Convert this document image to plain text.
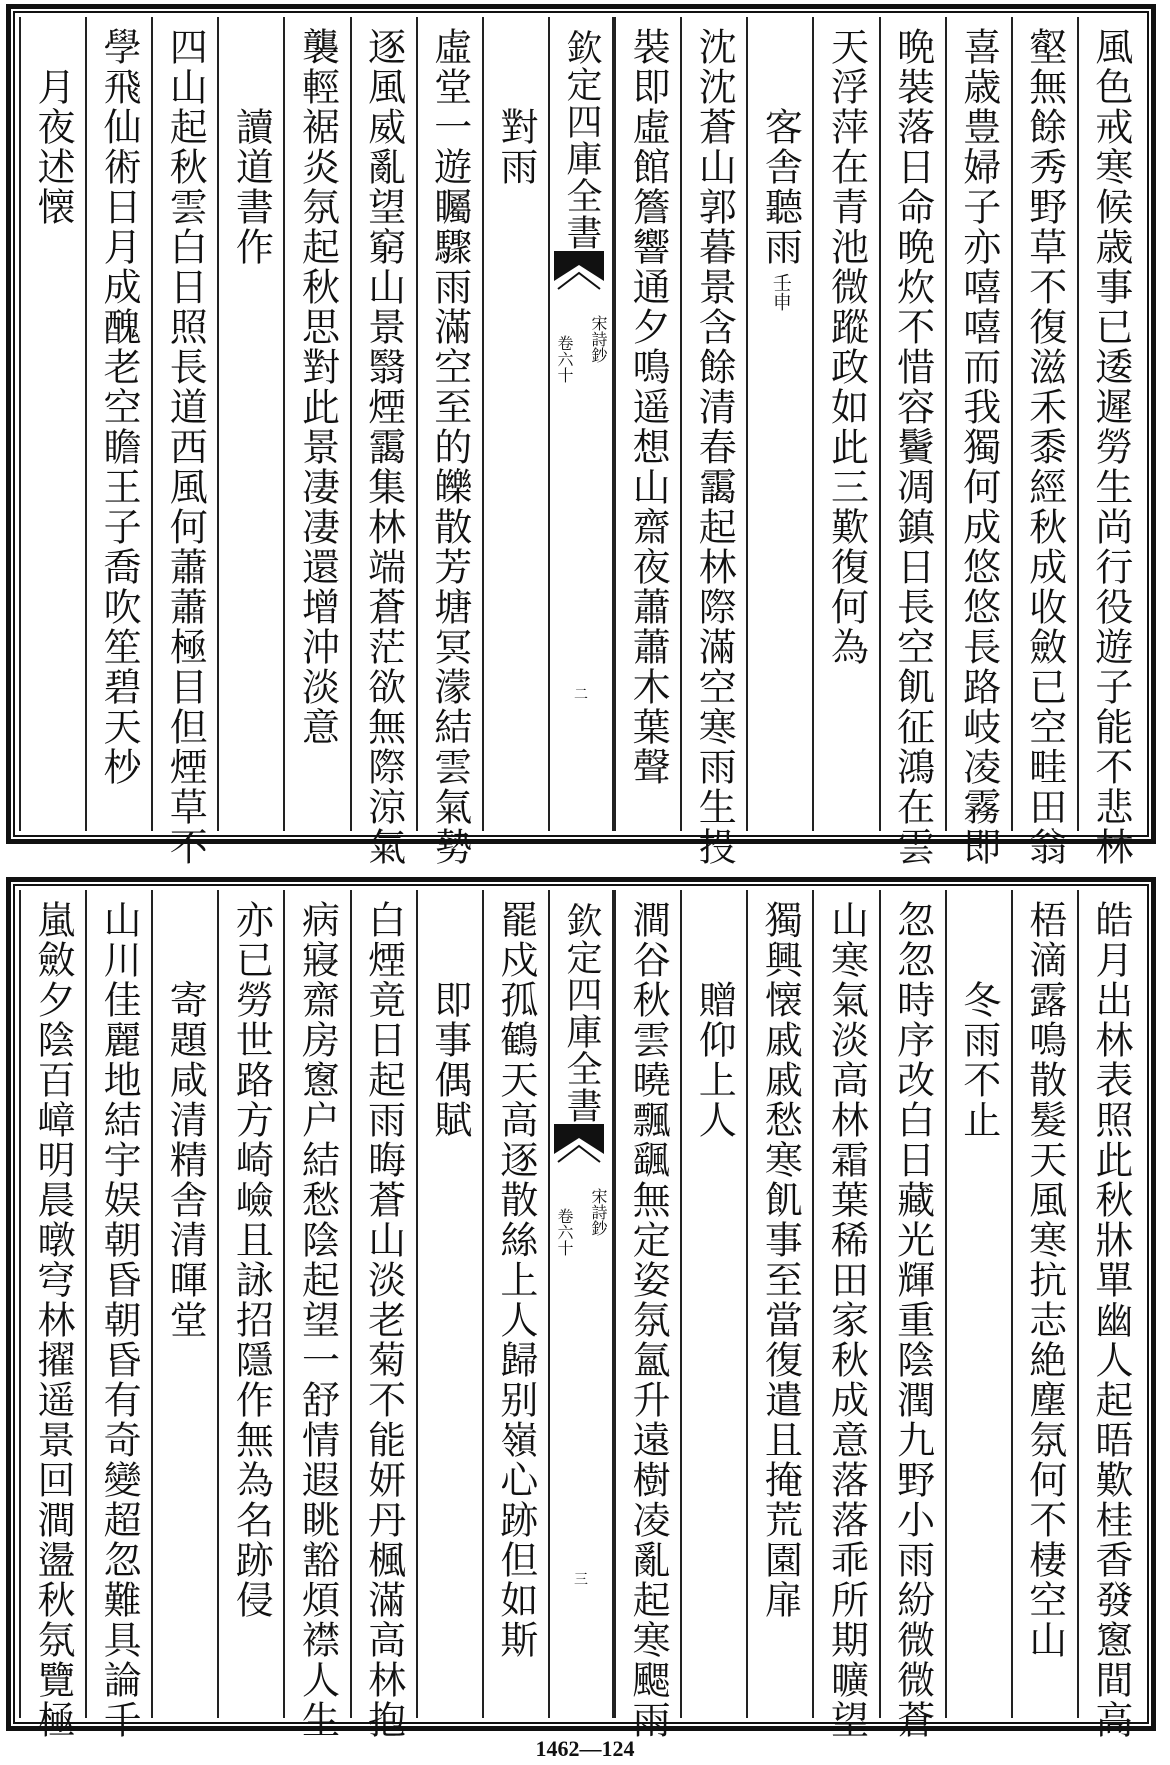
風色戒寒候歳事已逶遲勞生尚行役遊子能不悲林
壑無餘秀野草不復滋禾黍經秋成收斂已空畦田翁
喜歳豊婦子亦嘻嘻而我獨何成悠悠長路岐凌霧即
晩裝落日命晩炊不惜容鬢凋鎮日長空飢征鴻在雲
天浮萍在青池微蹤政如此三歎復何為
客舎聽雨
壬申
沈沈蒼山郭暮景含餘清春靄起林際滿空寒雨生投
裝即虛館簷響通夕鳴遥想山齋夜蕭蕭木葉聲
欽定四庫全書
宋詩鈔
卷六十
二
對雨
虛堂一遊矚驟雨滿空至的皪散芳塘冥濛結雲氣勢
逐風威亂望窮山景翳煙靄集林端蒼茫欲無際涼氣
襲輕裾炎氛起秋思對此景凄凄還增沖淡意
讀道書作
四山起秋雲白日照長道西風何蕭蕭極目但煙草不
學飛仙術日月成醜老空瞻王子喬吹笙碧天杪
月夜述懐
皓月出林表照此秋牀單幽人起晤歎桂香發窻間高
梧滴露鳴散髮天風寒抗志絶塵氛何不棲空山
冬雨不止
忽忽時序改白日藏光輝重陰潤九野小雨紛微微蒼
山寒氣淡高林霜葉稀田家秋成意落落乖所期曠望
獨興懐戚戚愁寒飢事至當復遣且掩荒園扉
贈仰上人
澗谷秋雲曉飄颻無定姿氛氳升遠樹凌亂起寒颸雨
欽定四庫全書
宋詩鈔
卷六十
三
罷戍孤鶴天高逐散絲上人歸别嶺心跡但如斯
即事偶賦
白煙竟日起雨晦蒼山淡老菊不能妍丹楓滿高林抱
病寢齋房窻户結愁陰起望一舒情遐眺豁煩襟人生
亦已勞世路方崎嶮且詠招隱作無為名跡侵
寄題咸清精舎清暉堂
山川佳麗地結宇娱朝昏朝昏有奇變超忽難具論千
嵐斂夕陰百嶂明晨暾穹林擢遥景回澗盪秋氛覽極
1462—124
